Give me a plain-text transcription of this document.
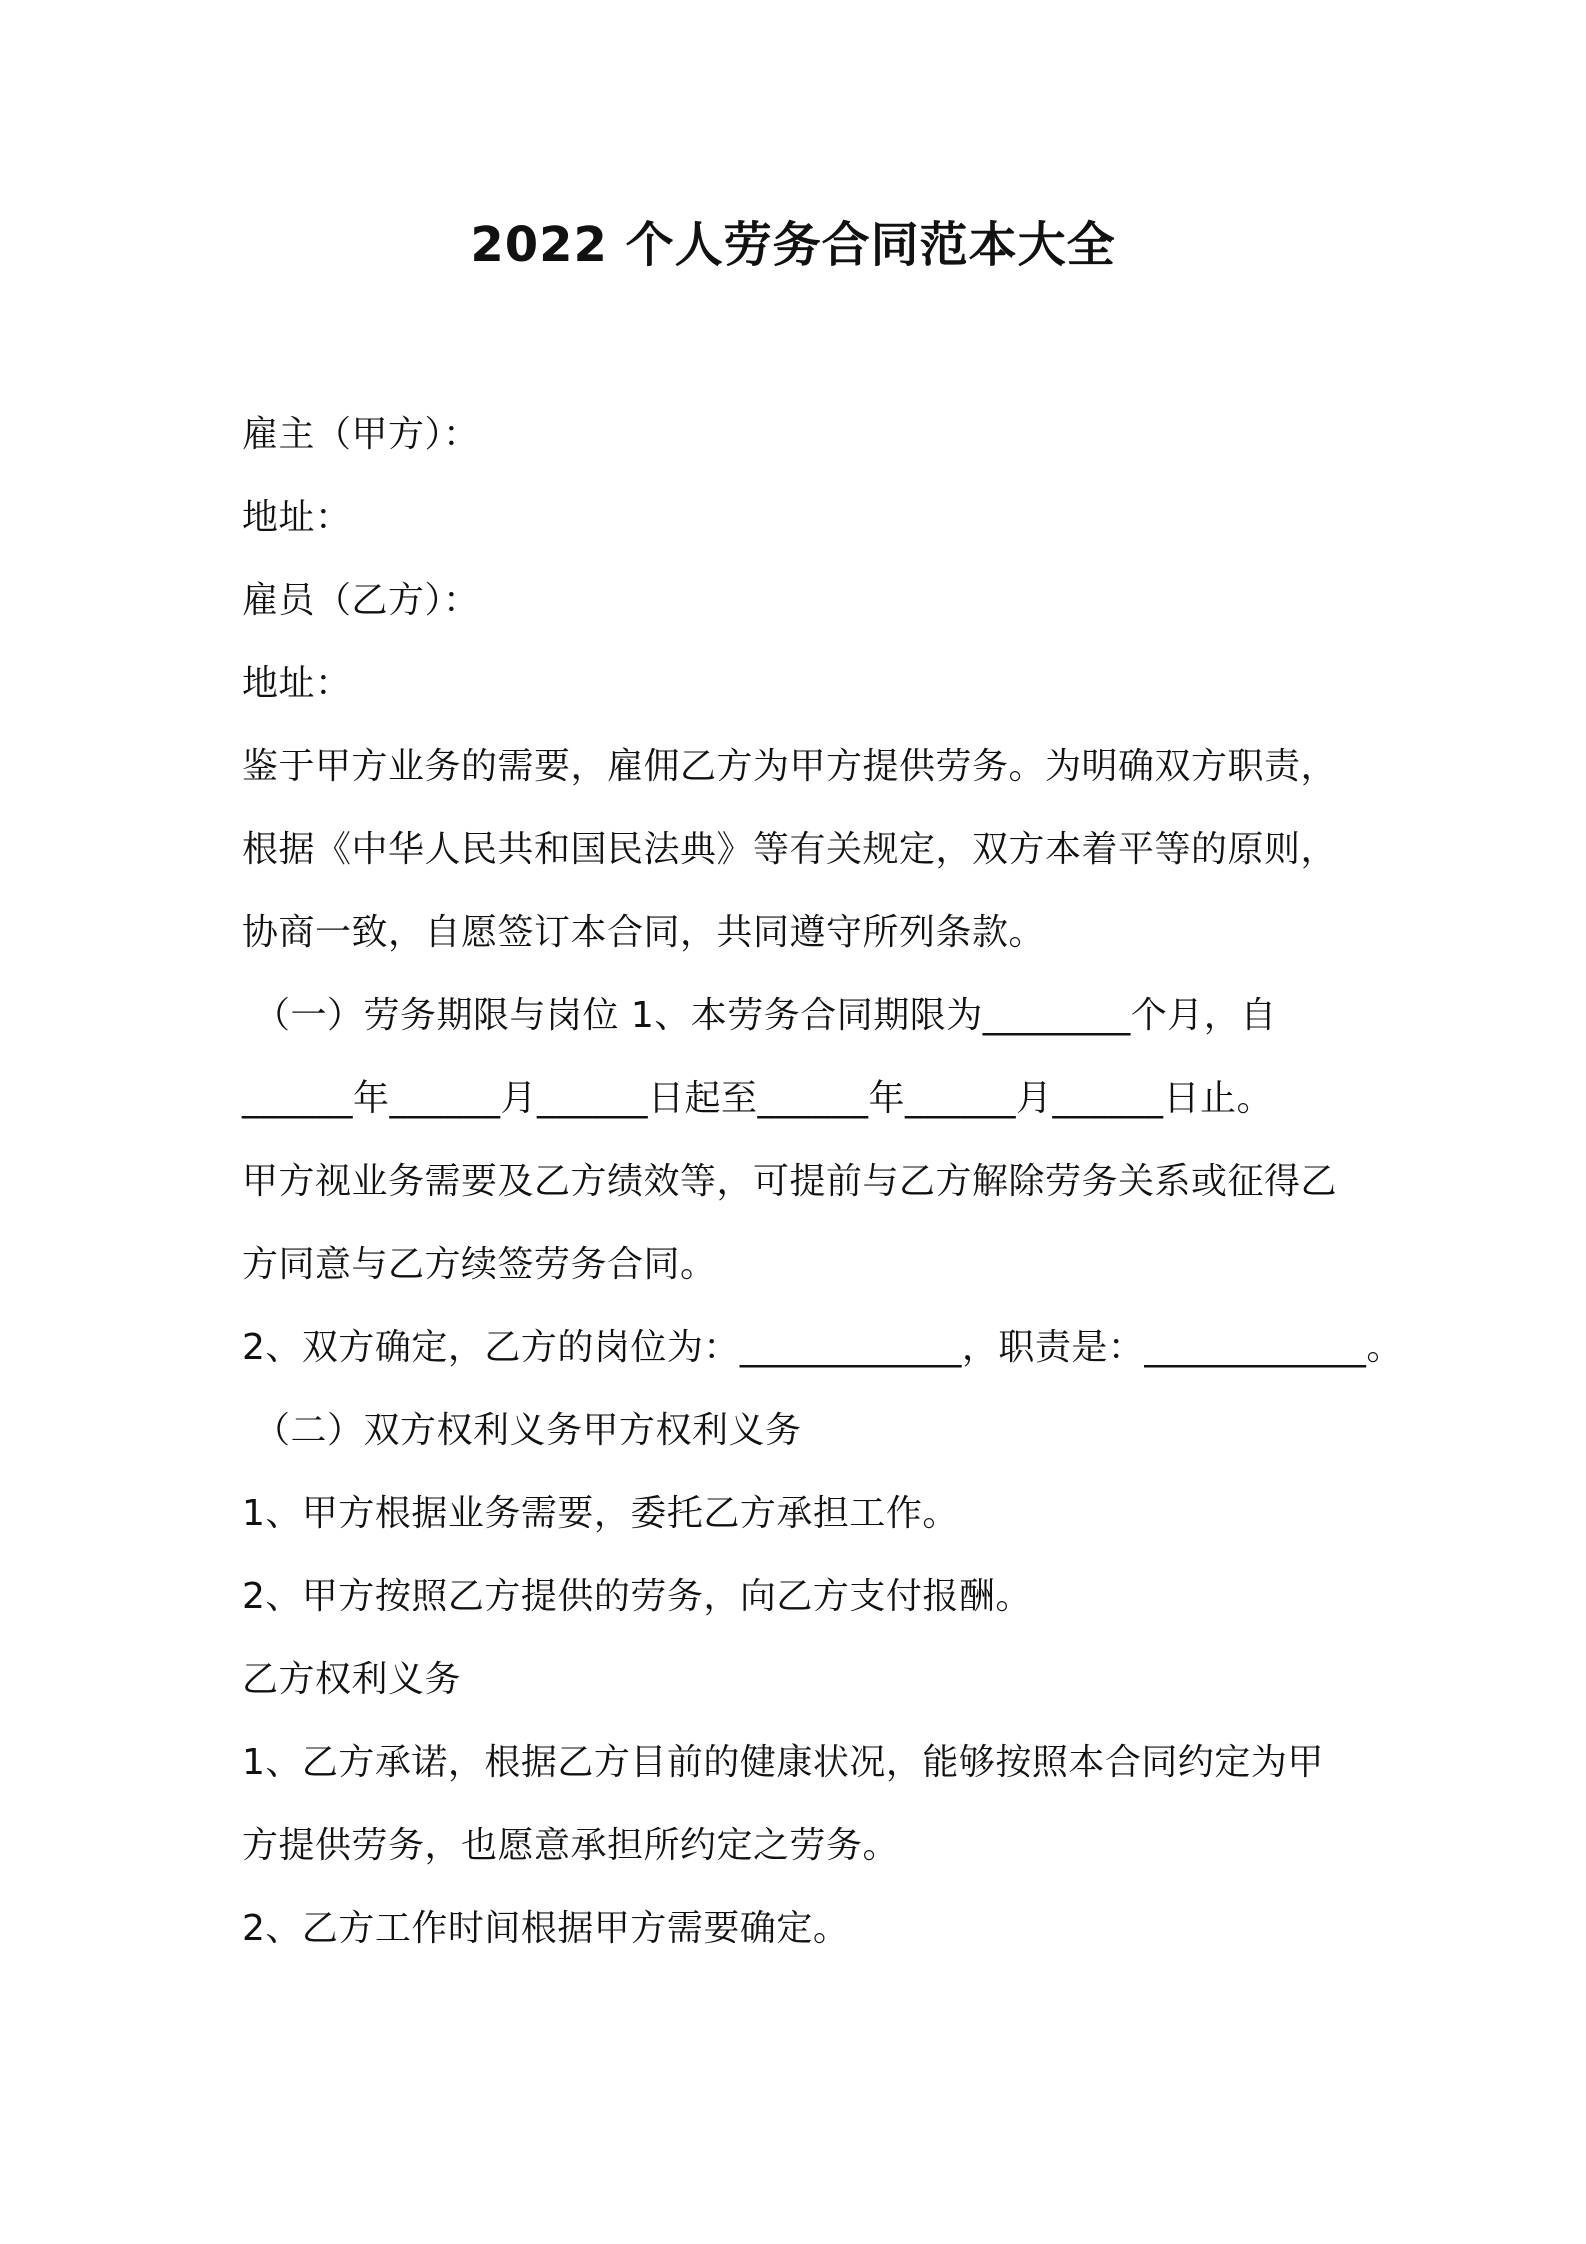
2022 个人劳务合同范本大全
雇主（甲方）：
地址：
雇员（乙方）：
地址：
鉴于甲方业务的需要，雇佣乙方为甲方提供劳务。为明确双方职责，
根据《中华人民共和国民法典》等有关规定，双方本着平等的原则，
协商一致，自愿签订本合同，共同遵守所列条款。
（一）劳务期限与岗位 1、本劳务合同期限为________个月，自
______年______月______日起至______年______月______日止。
甲方视业务需要及乙方绩效等，可提前与乙方解除劳务关系或征得乙
方同意与乙方续签劳务合同。
2、双方确定，乙方的岗位为：____________，职责是：____________。
（二）双方权利义务甲方权利义务
1、甲方根据业务需要，委托乙方承担工作。
2、甲方按照乙方提供的劳务，向乙方支付报酬。
乙方权利义务
1、乙方承诺，根据乙方目前的健康状况，能够按照本合同约定为甲
方提供劳务，也愿意承担所约定之劳务。
2、乙方工作时间根据甲方需要确定。
